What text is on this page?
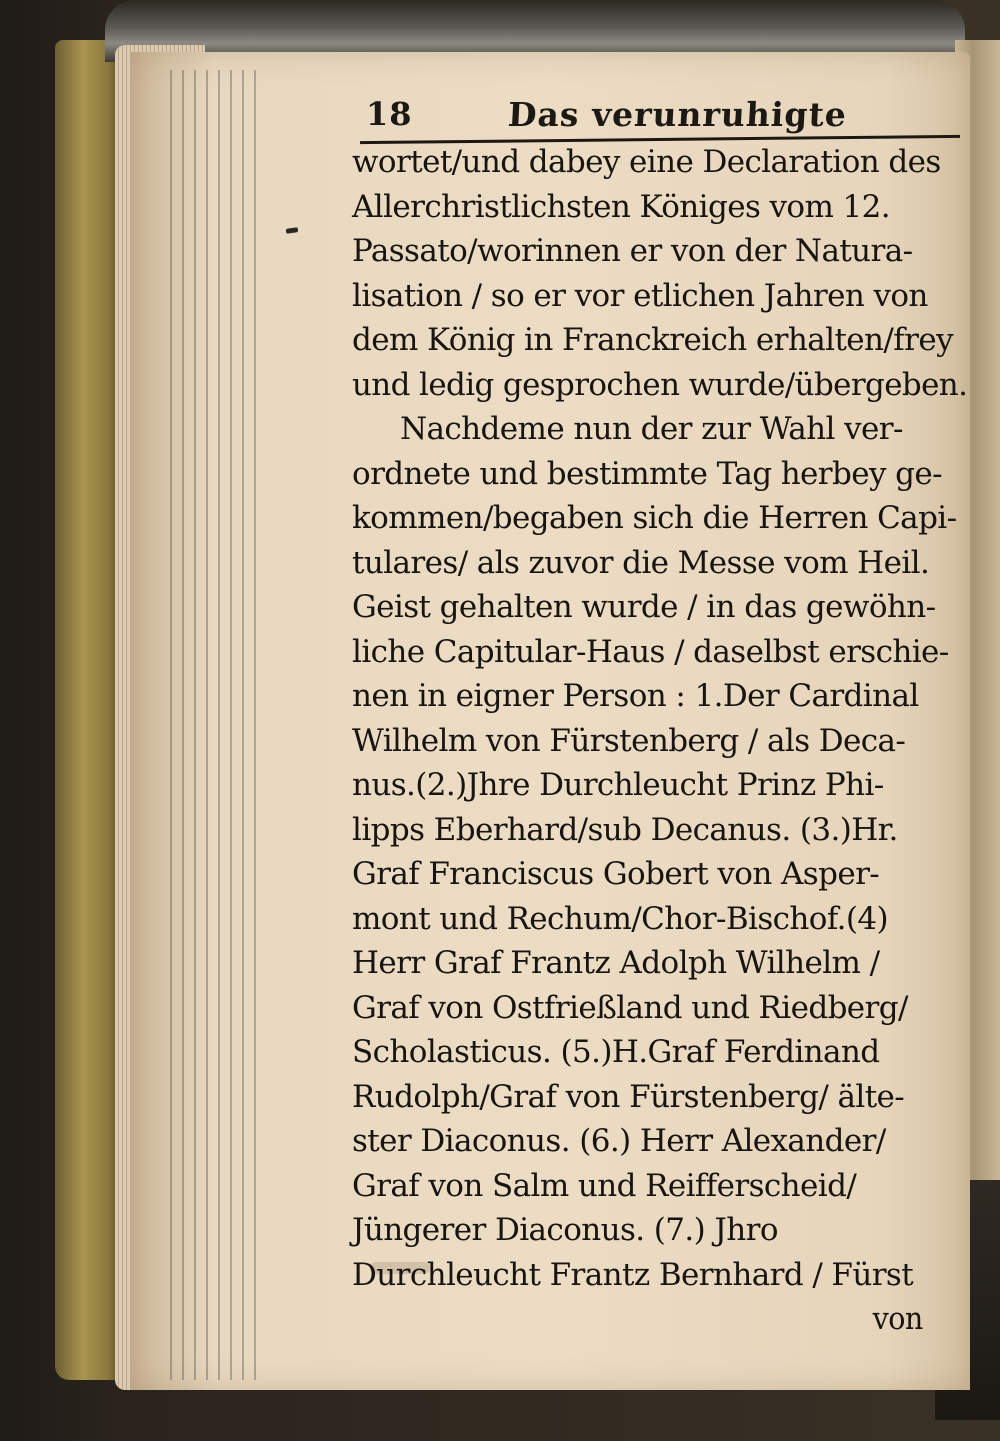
18	Das verunruhigte
wortet/und dabey eine Declaration des
Allerchristlichsten Königes vom 12.
Passato/worinnen er von der Natura-
lisation / so er vor etlichen Jahren von
dem König in Franckreich erhalten/frey
und ledig gesprochen wurde/übergeben.
Nachdeme nun der zur Wahl ver-
ordnete und bestimmte Tag herbey ge-
kommen/begaben sich die Herren Capi-
tulares/ als zuvor die Messe vom Heil.
Geist gehalten wurde / in das gewöhn-
liche Capitular-Haus / daselbst erschie-
nen in eigner Person : 1.Der Cardinal
Wilhelm von Fürstenberg / als Deca-
nus.(2.)Jhre Durchleucht Prinz Phi-
lipps Eberhard/sub Decanus. (3.)Hr.
Graf Franciscus Gobert von Asper-
mont und Rechum/Chor-Bischof.(4)
Herr Graf Frantz Adolph Wilhelm /
Graf von Ostfrießland und Riedberg/
Scholasticus. (5.)H.Graf Ferdinand
Rudolph/Graf von Fürstenberg/ älte-
ster Diaconus. (6.) Herr Alexander/
Graf von Salm und Reifferscheid/
Jüngerer Diaconus. (7.) Jhro
Durchleucht Frantz Bernhard / Fürst
von
